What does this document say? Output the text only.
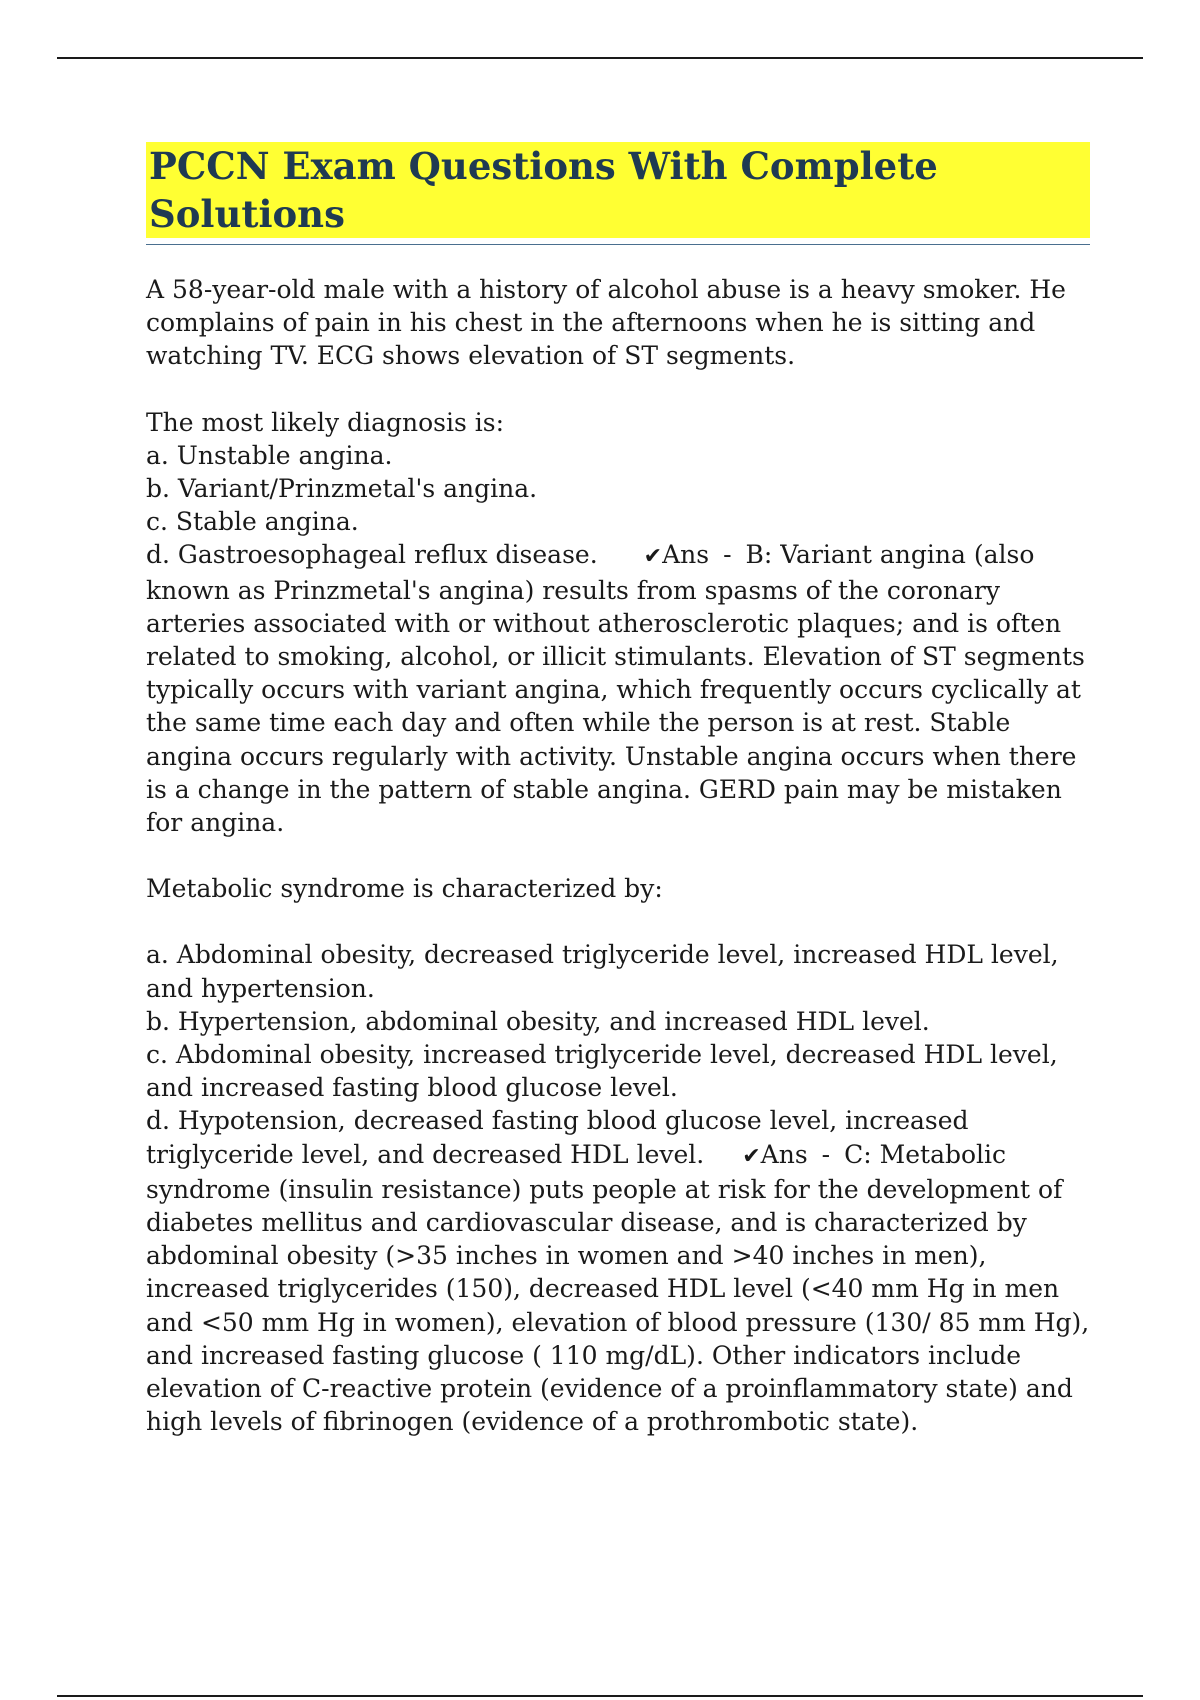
PCCN Exam Questions With Complete Solutions

A 58-year-old male with a history of alcohol abuse is a heavy smoker. He complains of pain in his chest in the afternoons when he is sitting and watching TV. ECG shows elevation of ST segments.

The most likely diagnosis is:

a. Unstable angina.

b. Variant/Prinzmetal's angina.

c. Stable angina.

d. Gastroesophageal reflux disease. ✔Ans - B: Variant angina (also known as Prinzmetal's angina) results from spasms of the coronary arteries associated with or without atherosclerotic plaques; and is often related to smoking, alcohol, or illicit stimulants. Elevation of ST segments typically occurs with variant angina, which frequently occurs cyclically at the same time each day and often while the person is at rest. Stable angina occurs regularly with activity. Unstable angina occurs when there is a change in the pattern of stable angina. GERD pain may be mistaken for angina.

Metabolic syndrome is characterized by:

a. Abdominal obesity, decreased triglyceride level, increased HDL level, and hypertension.

b. Hypertension, abdominal obesity, and increased HDL level.

c. Abdominal obesity, increased triglyceride level, decreased HDL level, and increased fasting blood glucose level.

d. Hypotension, decreased fasting blood glucose level, increased triglyceride level, and decreased HDL level. ✔Ans - C: Metabolic syndrome (insulin resistance) puts people at risk for the development of diabetes mellitus and cardiovascular disease, and is characterized by abdominal obesity (>35 inches in women and >40 inches in men), increased triglycerides (150), decreased HDL level (<40 mm Hg in men and <50 mm Hg in women), elevation of blood pressure (130/ 85 mm Hg), and increased fasting glucose ( 110 mg/dL). Other indicators include elevation of C-reactive protein (evidence of a proinflammatory state) and high levels of fibrinogen (evidence of a prothrombotic state).
